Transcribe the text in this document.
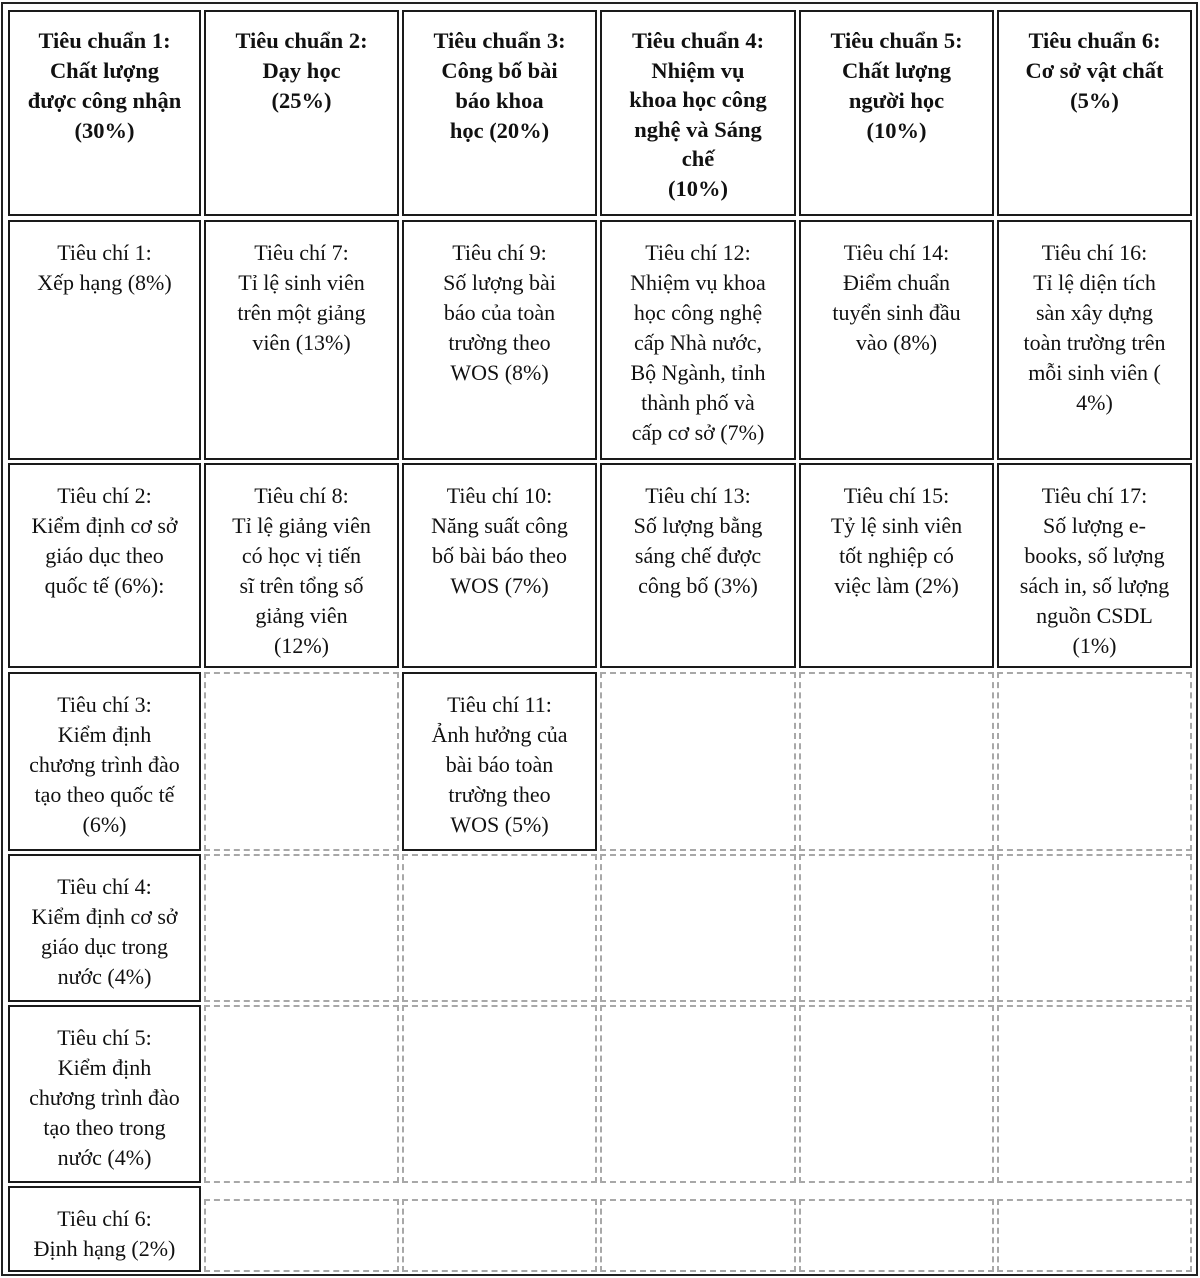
Tiêu chuẩn 1:
Chất lượng
được công nhận
(30%)
Tiêu chuẩn 2:
Dạy học
(25%)
Tiêu chuẩn 3:
Công bố bài
báo khoa
học (20%)
Tiêu chuẩn 4:
Nhiệm vụ
khoa học công
nghệ và Sáng
chế
(10%)
Tiêu chuẩn 5:
Chất lượng
người học
(10%)
Tiêu chuẩn 6:
Cơ sở vật chất
(5%)
Tiêu chí 1:
Xếp hạng (8%)
Tiêu chí 7:
Tỉ lệ sinh viên
trên một giảng
viên (13%)
Tiêu chí 9:
Số lượng bài
báo của toàn
trường theo
WOS (8%)
Tiêu chí 12:
Nhiệm vụ khoa
học công nghệ
cấp Nhà nước,
Bộ Ngành, tỉnh
thành phố và
cấp cơ sở (7%)
Tiêu chí 14:
Điểm chuẩn
tuyển sinh đầu
vào (8%)
Tiêu chí 16:
Tỉ lệ diện tích
sàn xây dựng
toàn trường trên
mỗi sinh viên (
4%)
Tiêu chí 2:
Kiểm định cơ sở
giáo dục theo
quốc tế (6%):
Tiêu chí 8:
Tỉ lệ giảng viên
có học vị tiến
sĩ trên tổng số
giảng viên
(12%)
Tiêu chí 10:
Năng suất công
bố bài báo theo
WOS (7%)
Tiêu chí 13:
Số lượng bằng
sáng chế được
công bố (3%)
Tiêu chí 15:
Tỷ lệ sinh viên
tốt nghiệp có
việc làm (2%)
Tiêu chí 17:
Số lượng e-
books, số lượng
sách in, số lượng
nguồn CSDL
(1%)
Tiêu chí 3:
Kiểm định
chương trình đào
tạo theo quốc tế
(6%)
Tiêu chí 11:
Ảnh hưởng của
bài báo toàn
trường theo
WOS (5%)
Tiêu chí 4:
Kiểm định cơ sở
giáo dục trong
nước (4%)
Tiêu chí 5:
Kiểm định
chương trình đào
tạo theo trong
nước (4%)
Tiêu chí 6:
Định hạng (2%)
